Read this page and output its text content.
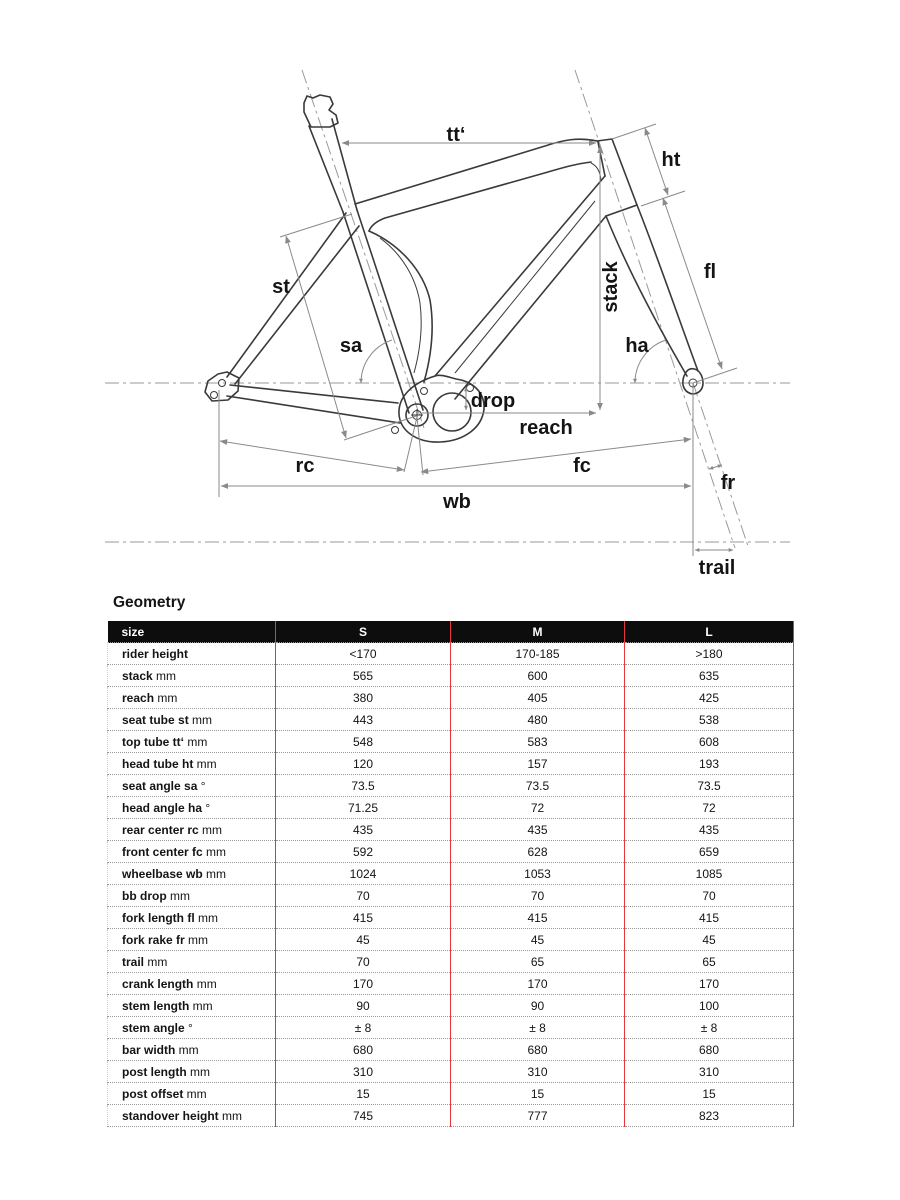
tt‘
ht
st
fl
stack
sa	ha
drop
reach
rc	fc
wb
fr
trail
Geometry
size	S	M	L
rider height	<170	170-185	>180
stack mm	565	600	635
reach mm	380	405	425
seat tube st mm	443	480	538
top tube tt‘ mm	548	583	608
head tube ht mm	120	157	193
seat angle sa °	73.5	73.5	73.5
head angle ha °	71.25	72	72
rear center rc mm	435	435	435
front center fc mm	592	628	659
wheelbase wb mm	1024	1053	1085
bb drop mm	70	70	70
fork length fl mm	415	415	415
fork rake fr mm	45	45	45
trail mm	70	65	65
crank length mm	170	170	170
stem length mm	90	90	100
stem angle °	± 8	± 8	± 8
bar width mm	680	680	680
post length mm	310	310	310
post offset mm	15	15	15
standover height mm	745	777	823
